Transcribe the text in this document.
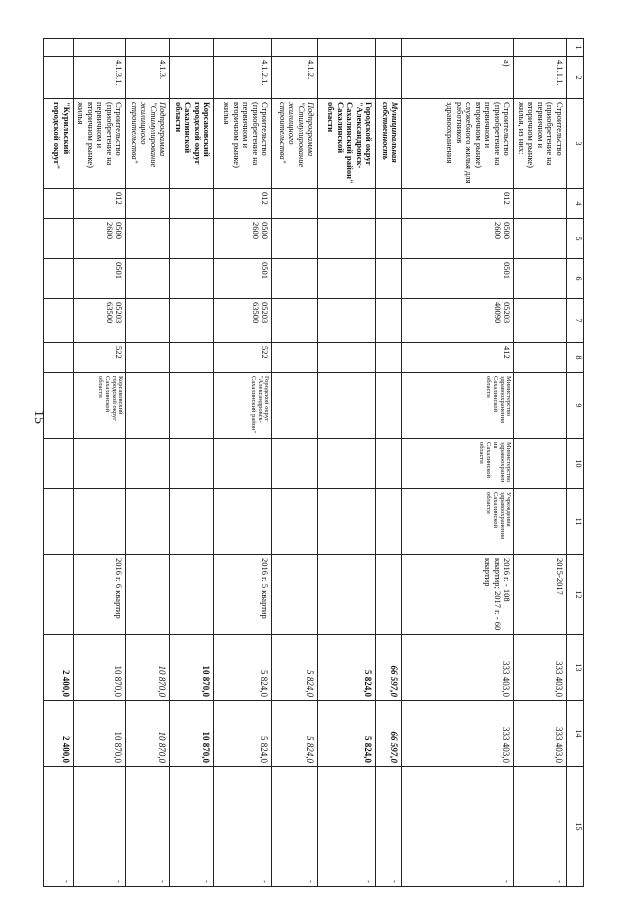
15
1	2	3	4	5	6	7	8	9	10	11	12	13	14	15
	4.1.1.1.	Строительство (приобретение на первичном и вторичном рынке) жилья, из них:									2015-2017	333 403,0	333 403,0	-
	а)	Строительство (приобретение на первичном и вторичном рынке) служебного жилья для работников здравоохранения	012	0500 2600	0501	05203 40090	412	Министерство здравоохранения Сахалинской области	Министерство здравоохранения Сахалинской области	Учреждения здравоохранения Сахалинской области	2016 г. - 108 квартир; 2017 г. - 60 квартир	333 403,0	333 403,0	-
		Муниципальная собственность										66 597,0	66 597,0	-
		Городской округ "Александровск-Сахалинский район" Сахалинской области										5 824,0	5 824,0	-
	4.1.2.	Подпрограмма "Стимулирование жилищного строительства"										5 824,0	5 824,0	-
	4.1.2.1.	Строительство (приобретение на первичном и вторичном рынке) жилья	012	0500 2600	0501	05203 63500	522	Городской округ "Александровск-Сахалинский район"			2016 г. 5 квартир	5 824,0	5 824,0	-
		Корсаковский городской округ Сахалинской области										10 870,0	10 870,0	-
	4.1.3.	Подпрограмма "Стимулирование жилищного строительства"										10 870,0	10 870,0	-
	4.1.3.1.	Строительство (приобретение на первичном и вторичном рынке) жилья	012	0500 2600	0501	05203 63500	522	Корсаковский городской округ Сахалинской области			2016 г. 6 квартир	10 870,0	10 870,0	-
		"Курильский городской округ"										2 400,0	2 400,0	-
